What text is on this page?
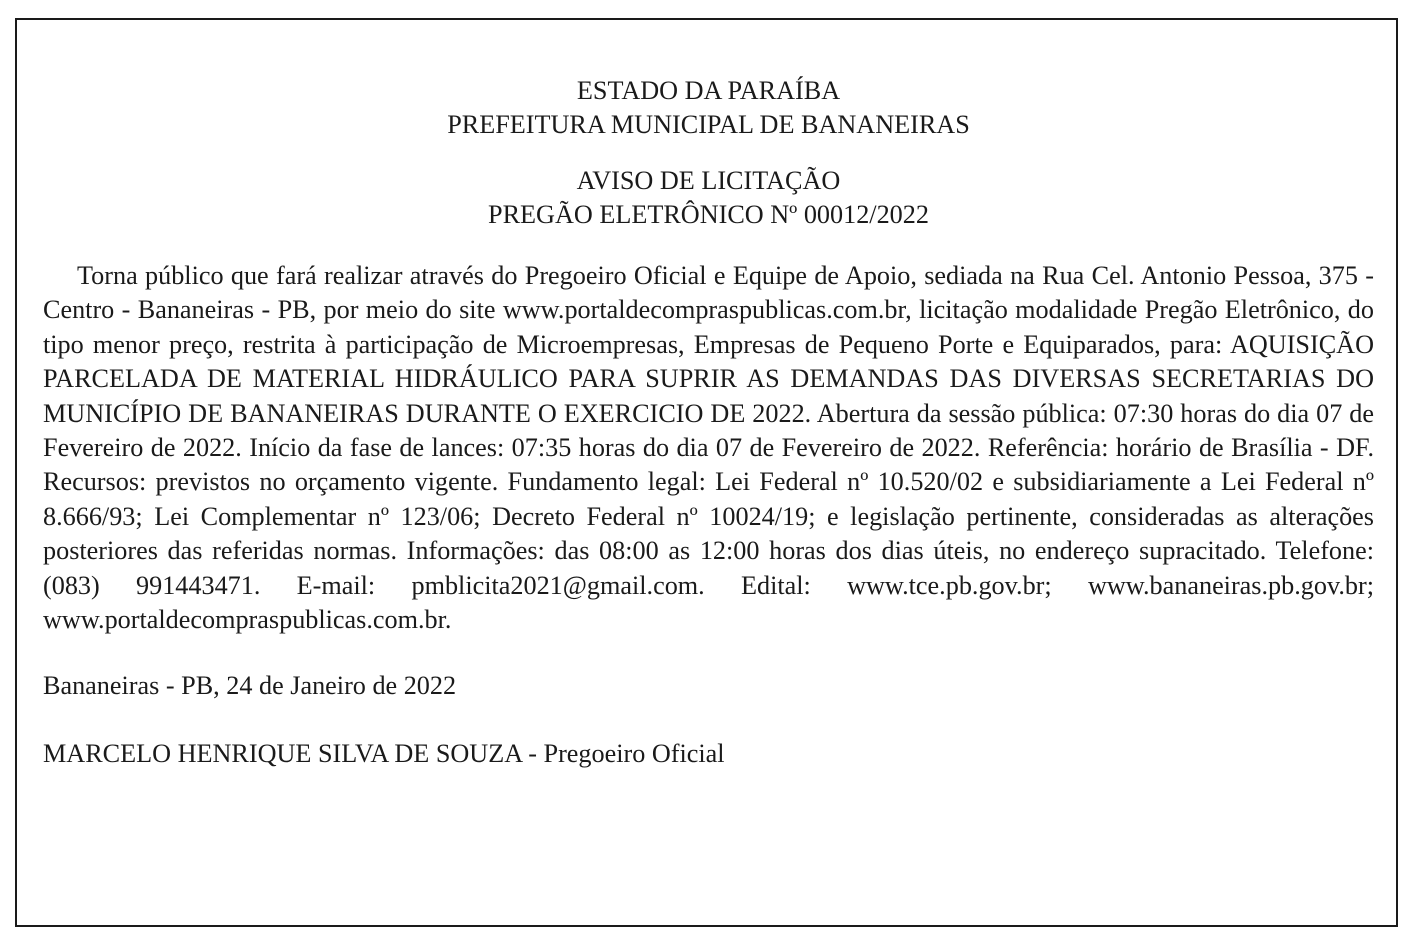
ESTADO DA PARAÍBA

PREFEITURA MUNICIPAL DE BANANEIRAS

AVISO DE LICITAÇÃO

PREGÃO ELETRÔNICO Nº 00012/2022

Torna público que fará realizar através do Pregoeiro Oficial e Equipe de Apoio, sediada na Rua Cel. Antonio Pessoa, 375 - Centro - Bananeiras - PB, por meio do site www.portaldecompraspublicas.com.br, licitação modalidade Pregão Eletrônico, do tipo menor preço, restrita à participação de Microempresas, Empresas de Pequeno Porte e Equiparados, para: AQUISIÇÃO PARCELADA DE MATERIAL HIDRÁULICO PARA SUPRIR AS DEMANDAS DAS DIVERSAS SECRETARIAS DO MUNICÍPIO DE BANANEIRAS DURANTE O EXERCICIO DE 2022. Abertura da sessão pública: 07:30 horas do dia 07 de Fevereiro de 2022. Início da fase de lances: 07:35 horas do dia 07 de Fevereiro de 2022. Referência: horário de Brasília - DF. Recursos: previstos no orçamento vigente. Fundamento legal: Lei Federal nº 10.520/02 e subsidiariamente a Lei Federal nº 8.666/93; Lei Complementar nº 123/06; Decreto Federal nº 10024/19; e legislação pertinente, consideradas as alterações posteriores das referidas normas. Informações: das 08:00 as 12:00 horas dos dias úteis, no endereço supracitado. Telefone: (083) 991443471. E-mail: pmblicita2021@gmail.com. Edital: www.tce.pb.gov.br; www.bananeiras.pb.gov.br; www.portaldecompraspublicas.com.br.

Bananeiras - PB, 24 de Janeiro de 2022

MARCELO HENRIQUE SILVA DE SOUZA - Pregoeiro Oficial
